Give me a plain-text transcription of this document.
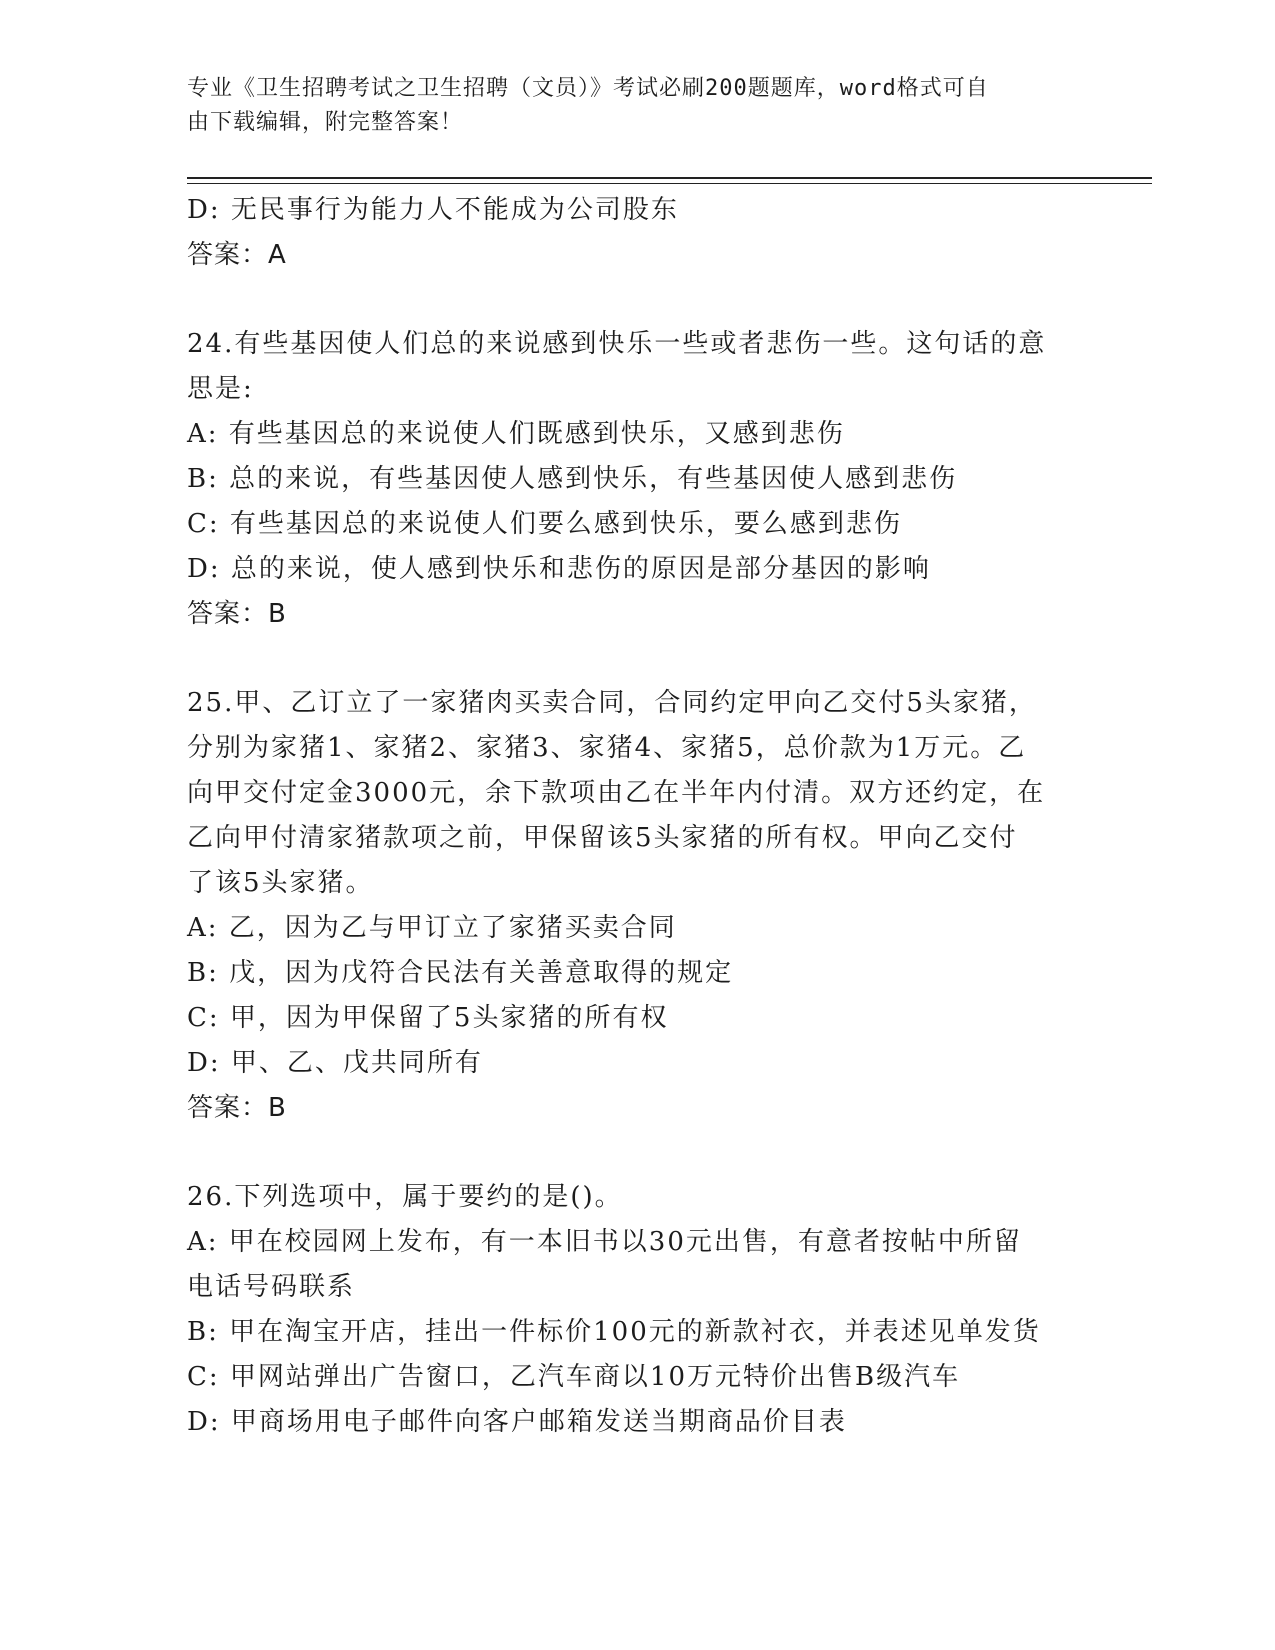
专业《卫生招聘考试之卫生招聘（文员）》考试必刷200题题库，word格式可自
由下载编辑，附完整答案！
D: 无民事行为能力人不能成为公司股东
答案：A
24.有些基因使人们总的来说感到快乐一些或者悲伤一些。这句话的意
思是:
A: 有些基因总的来说使人们既感到快乐，又感到悲伤
B: 总的来说，有些基因使人感到快乐，有些基因使人感到悲伤
C: 有些基因总的来说使人们要么感到快乐，要么感到悲伤
D: 总的来说，使人感到快乐和悲伤的原因是部分基因的影响
答案：B
25.甲、乙订立了一家猪肉买卖合同，合同约定甲向乙交付5头家猪，
分别为家猪1、家猪2、家猪3、家猪4、家猪5，总价款为1万元。乙
向甲交付定金3000元，余下款项由乙在半年内付清。双方还约定，在
乙向甲付清家猪款项之前，甲保留该5头家猪的所有权。甲向乙交付
了该5头家猪。
A: 乙，因为乙与甲订立了家猪买卖合同
B: 戊，因为戊符合民法有关善意取得的规定
C: 甲，因为甲保留了5头家猪的所有权
D: 甲、乙、戊共同所有
答案：B
26.下列选项中，属于要约的是()。
A: 甲在校园网上发布，有一本旧书以30元出售，有意者按帖中所留
电话号码联系
B: 甲在淘宝开店，挂出一件标价100元的新款衬衣，并表述见单发货
C: 甲网站弹出广告窗口，乙汽车商以10万元特价出售B级汽车
D: 甲商场用电子邮件向客户邮箱发送当期商品价目表
